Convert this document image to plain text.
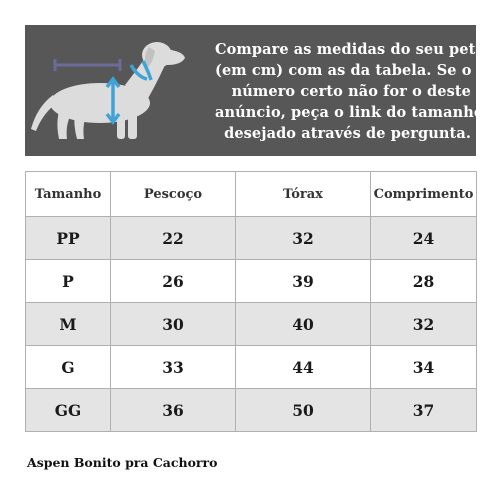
Compare as medidas do seu pet
(em cm) com as da tabela. Se o
número certo não for o deste
anúncio, peça o link do tamanho
desejado através de pergunta.
Tamanho	Pescoço	Tórax	Comprimento
PP	22	32	24
P	26	39	28
M	30	40	32
G	33	44	34
GG	36	50	37
Aspen Bonito pra Cachorro
